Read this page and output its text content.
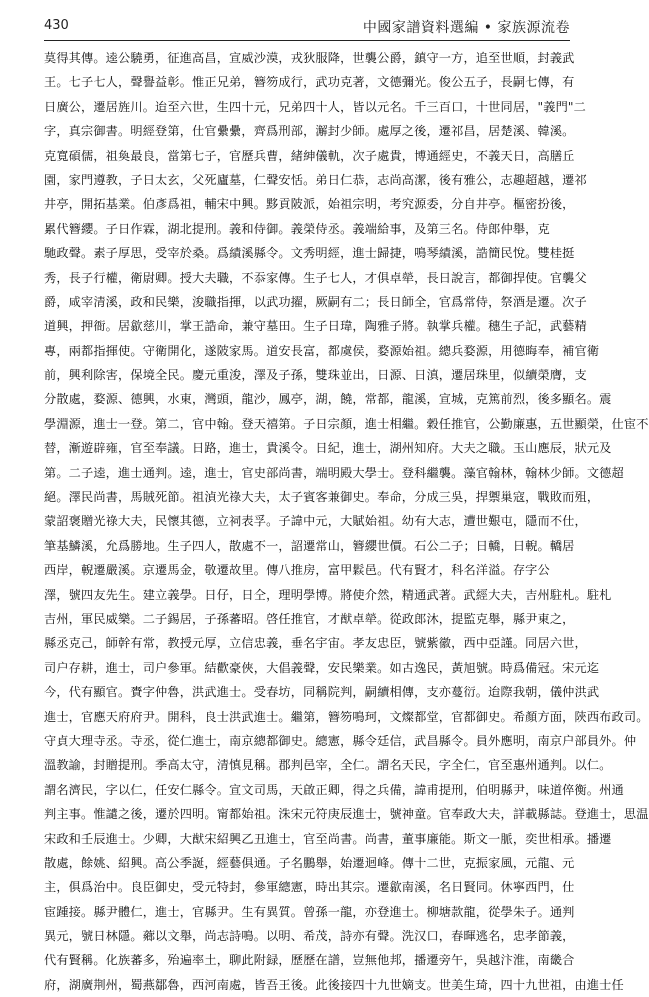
430	中國家譜資料選編 • 家族源流卷
莫得其傳。逵公驍勇，征進高昌，宣威沙漠，戎狄服降，世襲公爵，鎮守一方，追至世順，封義武
王。七子七人，聲譽益彰。惟正兄弟，簪笏成行，武功克著，文德彌光。俊公五子，長嗣七傳，有
日廣公，遷居旌川。迨至六世，生四十元，兄弟四十人，皆以元名。千三百口，十世同居，"義門"二
字，真宗御書。明經登第，仕官纍纍，齊爲刑部，澥封少師。處厚之後，遷祁昌，居楚溪、韓溪。
克寬碩儒，祖奐最良，當第七子，官歷兵曹，緒紳儀軌，次子處貴，博通經史，不義天日，高膳丘
園，家門遵教，子日太玄，父死廬墓，仁聲安恬。弟日仁恭，志尚高潔，後有雅公，志趣超越，遷祁
井亭，開拓基業。伯彥爲祖，輔宋中興。黟貢陂派，始祖宗明，考究源委，分自井亭。樞密扮後，
累代簪纓。子日作霖，湖北提刑。義和侍御。義榮侍丞。義端給事，及第三名。侍郎仲舉，克
馳政聲。素子厚思，受宰於桑。爲績溪縣令。文秀明經，進士歸捷，鳴琴績溪，誥簡民悅。雙桂挺
秀，長子行權，衛尉卿。授大夫職，不忝家傳。生子七人，才俱卓犖，長日說言，都御捍使。官襲父
爵，咸宰清溪，政和民樂，浚職指揮，以武功擢，厥嗣有二；長日師全，官爲常侍，祭酒是遷。次子
道興，押衙。居歙慈川，掌王誥命，兼守墓田。生子日瑋，陶雅子將。執掌兵權。穗生子記，武藝精
專，兩都指揮使。守衛開化，遂陂家馬。道安長富，都虞侯，婺源始祖。總兵婺源，用德晦奉，補官衛
前，興利除害，保境全民。慶元重浚，澤及子孫，雙珠並出，日源、日滇，遷居珠里，似續榮膺，支
分散處，婺源、德興，水東，灣頭，龍沙，鳳亭，湖，饒，常都，龍溪，宣城，克篤前烈，後多顯名。震
學淵源，進士一登。第二，官中翰。登天禧第。子日宗顏，進士相繼。穀任推官，公勤廉惠，五世顯榮，仕宦不
替，漸遊辟雍，官至奉議。日路，進士，貴溪令。日紀，進士，湖州知府。大夫之職。玉山應辰，狀元及
第。二子逵，進士通判。逵，進士，官史部尚書，端明殿大學士。登科繼襲。藻官翰林，翰林少師。文德超
絕。澤民尚書，馬賊死節。祖湞光祿大夫，太子賓客兼御史。奉命，分成三吳，捍禦巢寇，戰敗而殂，
蒙詔褒贈光祿大夫，民懷其德，立祠表孚。子諱中元，大賦始祖。幼有大志，遭世艱屯，隱而不仕，
筆基鱗溪，允爲勝地。生子四人，散處不一，詔遷常山，簪纓世價。石公二子；日轎，日輗。轎居
西岸，輗遷嚴溪。京遷馬金，敬遷故里。傳八推房，富甲鬏邑。代有賢才，科名洋溢。存字公
澤，號四友先生。建立義學。日仔，日仝，理明學博。將使介然，精通武著。武經大夫，吉州駐札。駐札
吉州，軍民威樂。二子錫居，子孫蕃昭。啓任推官，才猷卓犖。從政郎沐，提監克舉，縣尹東之，
縣丞克己，師幹有常，教授元厚，立信忠義，垂名宇宙。孝友忠臣，號紫徽，西中亞謹。同居六世，
司户存耕，進士，司户參軍。結歡豪俠，大倡義聲，安民樂業。如古逸民，黃旭號。時爲備冠。宋元迄
今，代有顯官。賚字仲魯，洪武進士。受春坊，同稱院判，嗣續相傳，支亦蔓衍。迨際我朝，儀仲洪武
進士，官應天府府尹。開科，良士洪武進士。繼第，簪笏鳴珂，文燦都堂，官都御史。希顏方面，陝西布政司。
守貞大理寺丞。寺丞，從仁進士，南京總都御史。總憲，縣令廷信，武昌縣令。員外應明，南京户部員外。仲
溫教諭，封贈提刑。季高太守，清慎見稱。郡判邑宰，全仁。謂名天民，字全仁，官至惠州通判。以仁。
謂名濟民，字以仁，任安仁縣令。宣文司馬，天啟正卿，得之兵備，諱甫提刑，伯明縣尹，味道倅衡。州通
判主事。惟譴之後，遷於四明。甯都始祖。洙宋元符庚辰進士，號神童。官奉政大夫，詳載縣誌。登進士，思温
宋政和壬辰進士。少卿，大猷宋紹興乙丑進士，官至尚書。尚書，董事廉能。斯文一脈，奕世相承。播遷
散處，餘姚、紹興。高公季誕，經藝俱通。子名鵬舉，始遷迴峰。傳十二世，克振家風，元龍、元
主，俱爲治中。良臣御史，受元特封，參軍總憲，時出其宗。遷歙南溪，名日賢同。休寧西門，仕
宦踵接。縣尹體仁，進士，官縣尹。生有異質。曾孫一龍，亦登進士。柳塘款龍，從學朱子。通判
異元，號日林隱。薌以文舉，尚志詩鳴。以明、希茂，詩亦有聲。洗汉口，春暉逃名，忠孝節義，
代有賢稱。化族蕃多，殆遍率土，聊此附録，歷歷在譜，豈無他邦，播遷旁午，吳越汴淮，南畿合
府，湖廣荆州，蜀燕鄒魯，西河南處，皆吾王後。此後接四十九世嫡支。世美生琦，四十九世祖，由進士任
